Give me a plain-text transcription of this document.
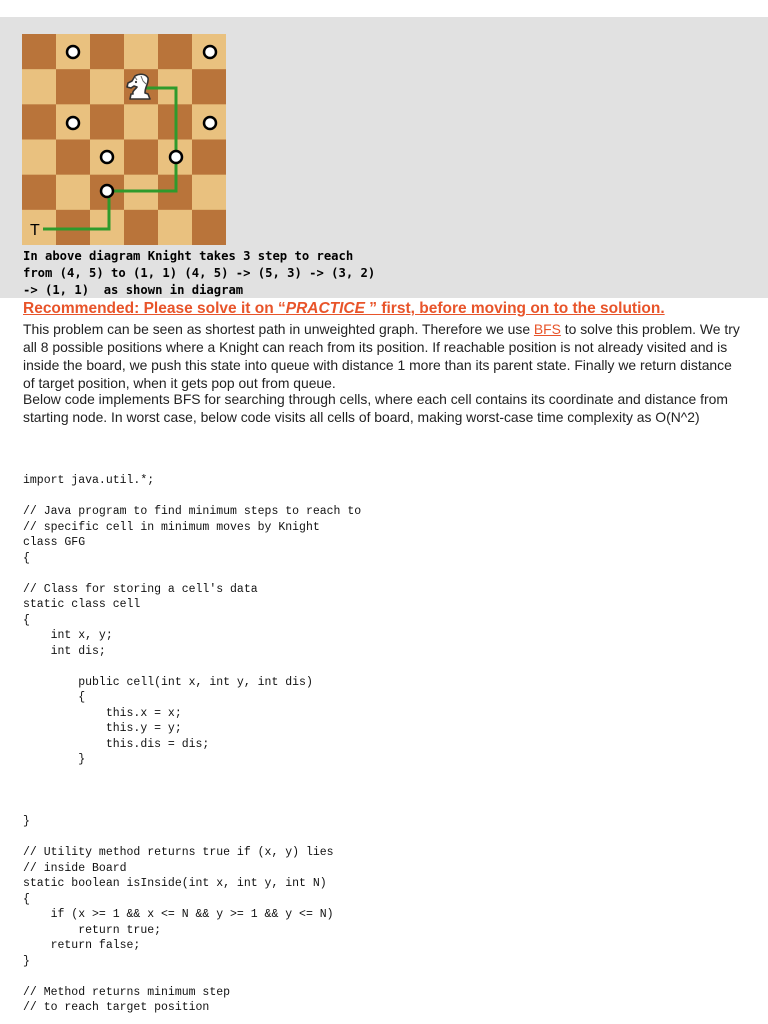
T
In above diagram Knight takes 3 step to reach
from (4, 5) to (1, 1) (4, 5) -> (5, 3) -> (3, 2)
-> (1, 1)  as shown in diagram
Recommended: Please solve it on “PRACTICE ” first, before moving on to the solution.

This problem can be seen as shortest path in unweighted graph. Therefore we use BFS to solve this problem. We try all 8 possible positions where a Knight can reach from its position. If reachable position is not already visited and is inside the board, we push this state into queue with distance 1 more than its parent state. Finally we return distance of target position, when it gets pop out from queue.

Below code implements BFS for searching through cells, where each cell contains its coordinate and distance from starting node. In worst case, below code visits all cells of board, making worst-case time complexity as O(N^2)

import java.util.*;
// Java program to find minimum steps to reach to
// specific cell in minimum moves by Knight
class GFG
{
// Class for storing a cell's data
static class cell
{
int x, y;
int dis;
public cell(int x, int y, int dis)
{
this.x = x;
this.y = y;
this.dis = dis;
}
}
// Utility method returns true if (x, y) lies
// inside Board
static boolean isInside(int x, int y, int N)
{
if (x >= 1 && x <= N && y >= 1 && y <= N)
return true;
return false;
}
// Method returns minimum step
// to reach target position
